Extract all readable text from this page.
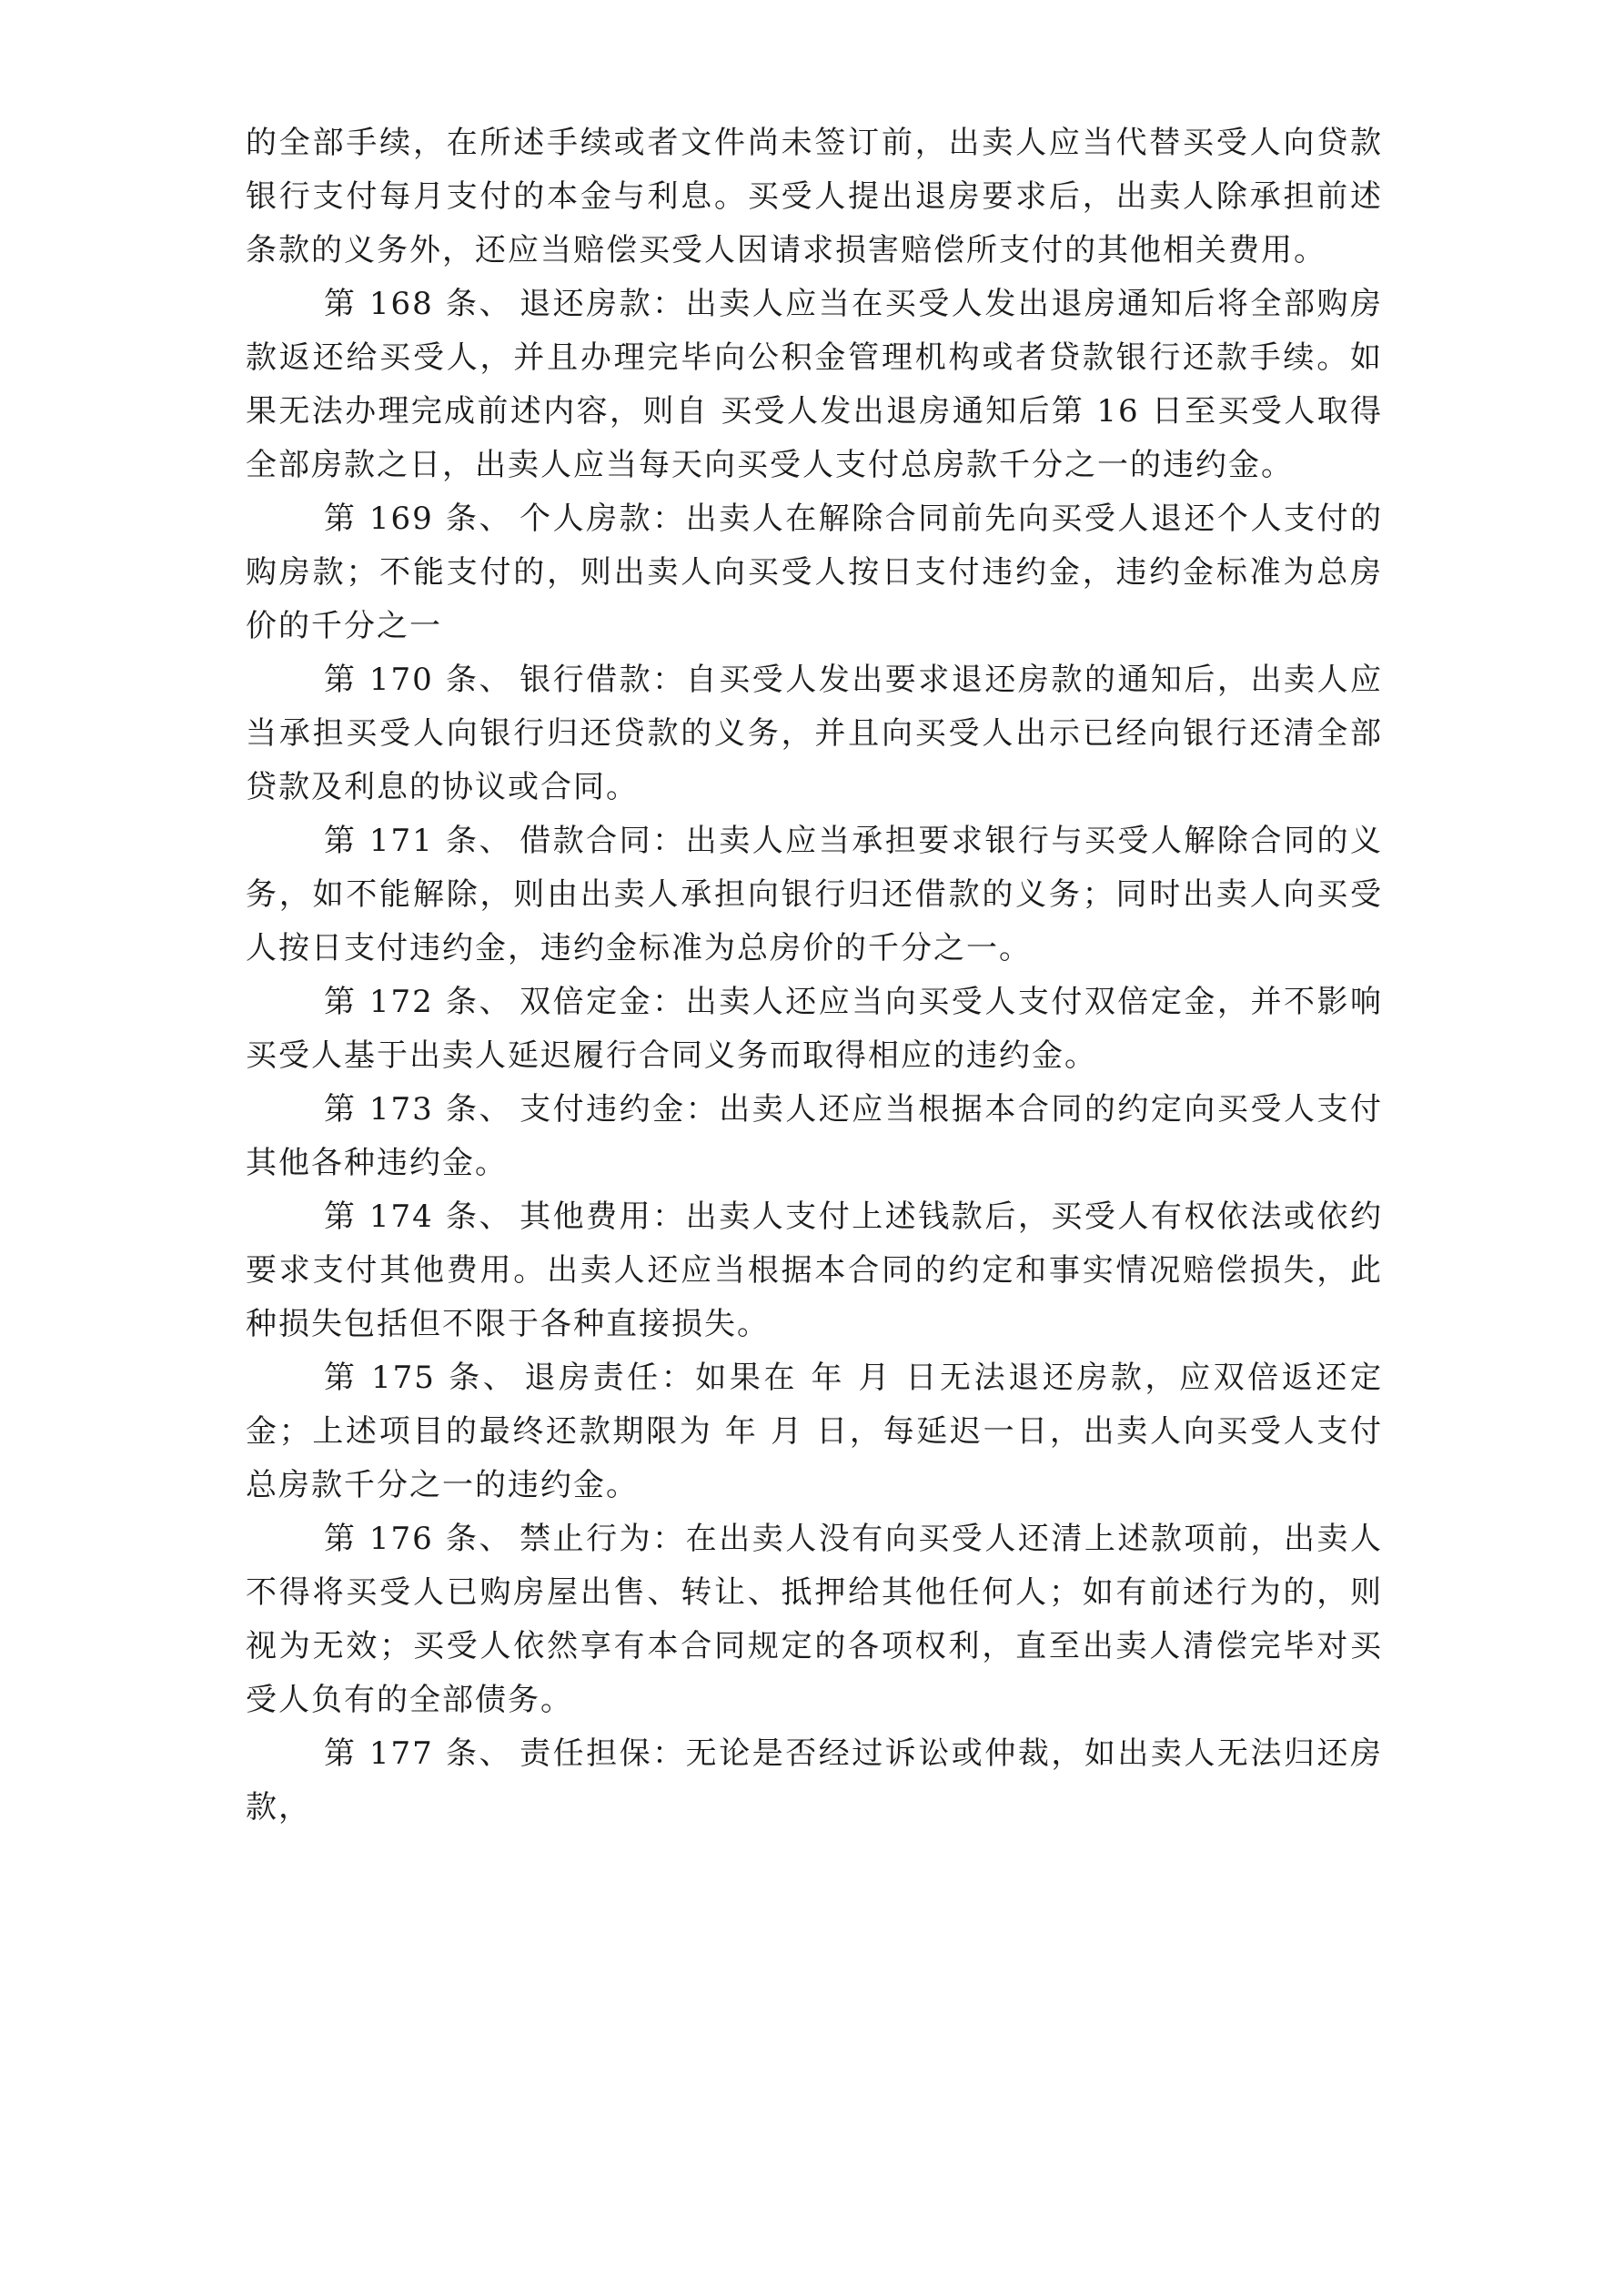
的全部手续，在所述手续或者文件尚未签订前，出卖人应当代替买受人向贷款银行支付每月支付的本金与利息。买受人提出退房要求后，出卖人除承担前述条款的义务外，还应当赔偿买受人因请求损害赔偿所支付的其他相关费用。

第 168 条、 退还房款：出卖人应当在买受人发出退房通知后将全部购房款返还给买受人，并且办理完毕向公积金管理机构或者贷款银行还款手续。如果无法办理完成前述内容，则自 买受人发出退房通知后第 16 日至买受人取得全部房款之日，出卖人应当每天向买受人支付总房款千分之一的违约金。

第 169 条、 个人房款：出卖人在解除合同前先向买受人退还个人支付的购房款；不能支付的，则出卖人向买受人按日支付违约金，违约金标准为总房价的千分之一

第 170 条、 银行借款：自买受人发出要求退还房款的通知后，出卖人应当承担买受人向银行归还贷款的义务，并且向买受人出示已经向银行还清全部贷款及利息的协议或合同。

第 171 条、 借款合同：出卖人应当承担要求银行与买受人解除合同的义务，如不能解除，则由出卖人承担向银行归还借款的义务；同时出卖人向买受人按日支付违约金，违约金标准为总房价的千分之一。

第 172 条、 双倍定金：出卖人还应当向买受人支付双倍定金，并不影响买受人基于出卖人延迟履行合同义务而取得相应的违约金。

第 173 条、 支付违约金：出卖人还应当根据本合同的约定向买受人支付其他各种违约金。

第 174 条、 其他费用：出卖人支付上述钱款后，买受人有权依法或依约要求支付其他费用。出卖人还应当根据本合同的约定和事实情况赔偿损失，此种损失包括但不限于各种直接损失。

第 175 条、 退房责任：如果在 年 月 日无法退还房款，应双倍返还定金；上述项目的最终还款期限为 年 月 日，每延迟一日，出卖人向买受人支付总房款千分之一的违约金。

第 176 条、 禁止行为：在出卖人没有向买受人还清上述款项前，出卖人不得将买受人已购房屋出售、转让、抵押给其他任何人；如有前述行为的，则视为无效；买受人依然享有本合同规定的各项权利，直至出卖人清偿完毕对买受人负有的全部债务。

第 177 条、 责任担保：无论是否经过诉讼或仲裁，如出卖人无法归还房款，
